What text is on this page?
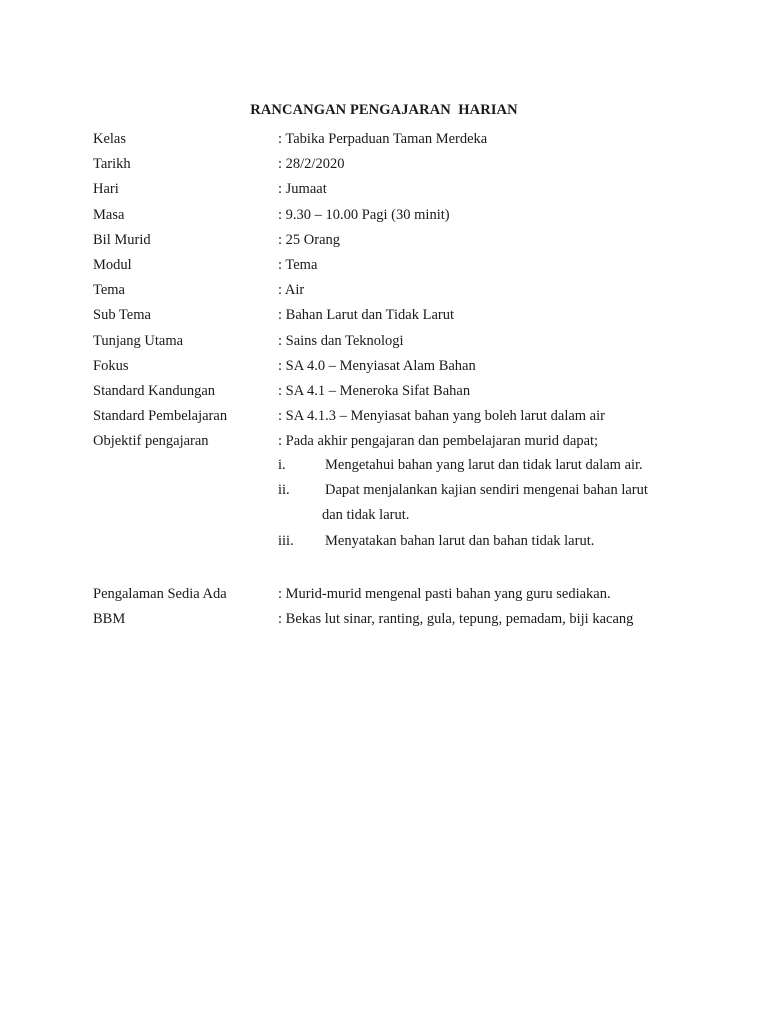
RANCANGAN PENGAJARAN  HARIAN
Kelas	: Tabika Perpaduan Taman Merdeka
Tarikh	: 28/2/2020
Hari	: Jumaat
Masa	: 9.30 – 10.00 Pagi (30 minit)
Bil Murid	: 25 Orang
Modul	: Tema
Tema	: Air
Sub Tema	: Bahan Larut dan Tidak Larut
Tunjang Utama	: Sains dan Teknologi
Fokus	: SA 4.0 – Menyiasat Alam Bahan
Standard Kandungan	: SA 4.1 – Meneroka Sifat Bahan
Standard Pembelajaran	: SA 4.1.3 – Menyiasat bahan yang boleh larut dalam air
Objektif pengajaran	: Pada akhir pengajaran dan pembelajaran murid dapat;
i.	Mengetahui bahan yang larut dan tidak larut dalam air.
ii. Dapat menjalankan kajian sendiri mengenai bahan larut
dan tidak larut.
iii. Menyatakan bahan larut dan bahan tidak larut.
Pengalaman Sedia Ada	: Murid-murid mengenal pasti bahan yang guru sediakan.
BBM	: Bekas lut sinar, ranting, gula, tepung, pemadam, biji kacang
